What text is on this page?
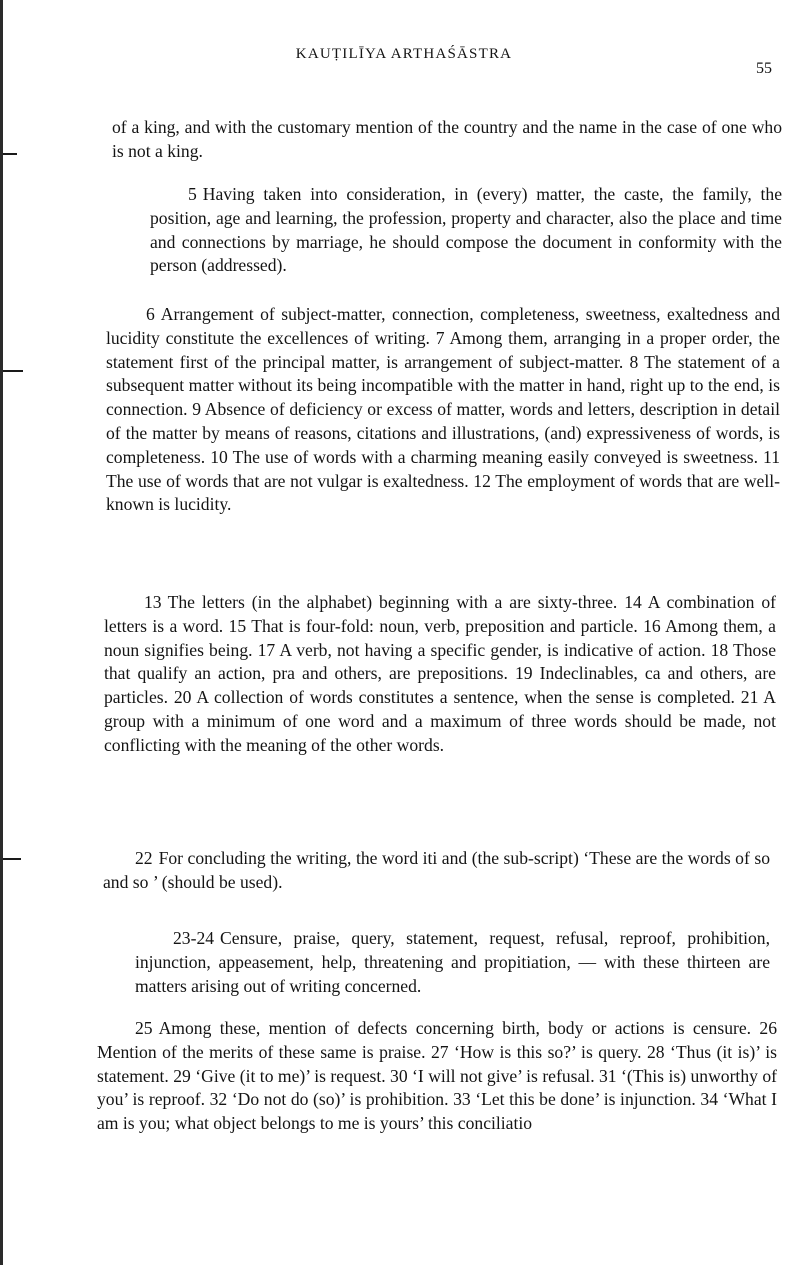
KAUṬILĪYA ARTHAŚĀSTRA
55

of a king, and with the customary mention of the country and the name in the case of one who is not a king.

5 Having taken into consideration, in (every) matter, the caste, the family, the position, age and learning, the profession, property and character, also the place and time and connections by marriage, he should compose the document in conformity with the person (addressed).

6 Arrangement of subject-matter, connection, completeness, sweetness, exaltedness and lucidity constitute the excellences of writing. 7 Among them, arranging in a proper order, the statement first of the principal matter, is arrangement of subject-matter. 8 The statement of a subsequent matter without its being incompatible with the matter in hand, right up to the end, is connection. 9 Absence of deficiency or excess of matter, words and letters, description in detail of the matter by means of reasons, citations and illustrations, (and) expressiveness of words, is completeness. 10 The use of words with a charming meaning easily conveyed is sweetness. 11 The use of words that are not vulgar is exaltedness. 12 The employment of words that are well-known is lucidity.

13 The letters (in the alphabet) beginning with a are sixty-three. 14 A combination of letters is a word. 15 That is four-fold: noun, verb, preposition and particle. 16 Among them, a noun signifies being. 17 A verb, not having a specific gender, is indicative of action. 18 Those that qualify an action, pra and others, are prepositions. 19 Indeclinables, ca and others, are particles. 20 A collection of words constitutes a sentence, when the sense is completed. 21 A group with a minimum of one word and a maximum of three words should be made, not conflicting with the meaning of the other words.

22 For concluding the writing, the word iti and (the sub-script) ‘These are the words of so and so ’ (should be used).

23-24 Censure, praise, query, statement, request, refusal, reproof, prohibition, injunction, appeasement, help, threatening and propitiation, — with these thirteen are matters arising out of writing concerned.

25 Among these, mention of defects concerning birth, body or actions is censure. 26 Mention of the merits of these same is praise. 27 ‘How is this so?’ is query. 28 ‘Thus (it is)’ is statement. 29 ‘Give (it to me)’ is request. 30 ‘I will not give’ is refusal. 31 ‘(This is) unworthy of you’ is reproof. 32 ‘Do not do (so)’ is prohibition. 33 ‘Let this be done’ is injunction. 34 ‘What I am is you; what object belongs to me is yours’ this conciliatio
